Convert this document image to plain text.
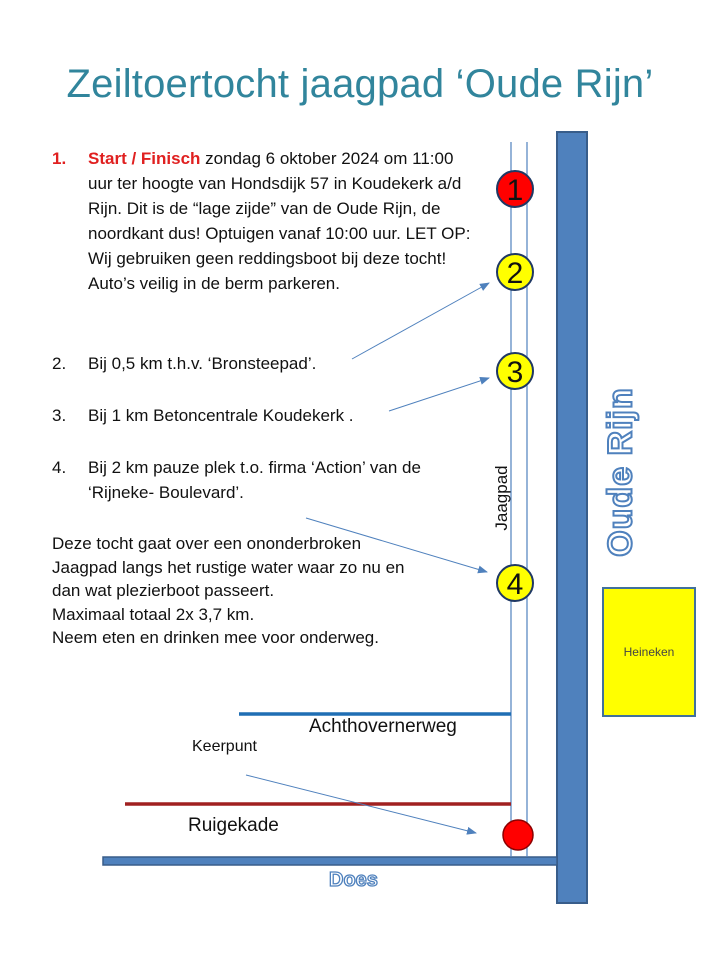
Zeiltoertocht jaagpad ‘Oude Rijn’
1.	Start / Finisch zondag 6 oktober 2024 om 11:00 uur ter hoogte van Hondsdijk 57 in Koudekerk a/d Rijn. Dit is de “lage zijde” van de Oude Rijn, de noordkant dus! Optuigen vanaf 10:00 uur. LET OP: Wij gebruiken geen reddingsboot bij deze tocht! Auto’s veilig in de berm parkeren.
2.	Bij 0,5 km t.h.v. ‘Bronsteepad’.
3.	Bij 1 km Betoncentrale Koudekerk .
4.	Bij 2 km pauze plek t.o. firma ‘Action’ van de ‘Rijneke- Boulevard’.
Deze tocht gaat over een ononderbroken
Jaagpad langs het rustige water waar zo nu en
dan wat plezierboot passeert.
Maximaal totaal 2x 3,7 km.
Neem eten en drinken mee voor onderweg.
1
2
3
4
Oude Rijn
Jaagpad
Heineken
Achthovernerweg
Keerpunt
Ruigekade
Does
